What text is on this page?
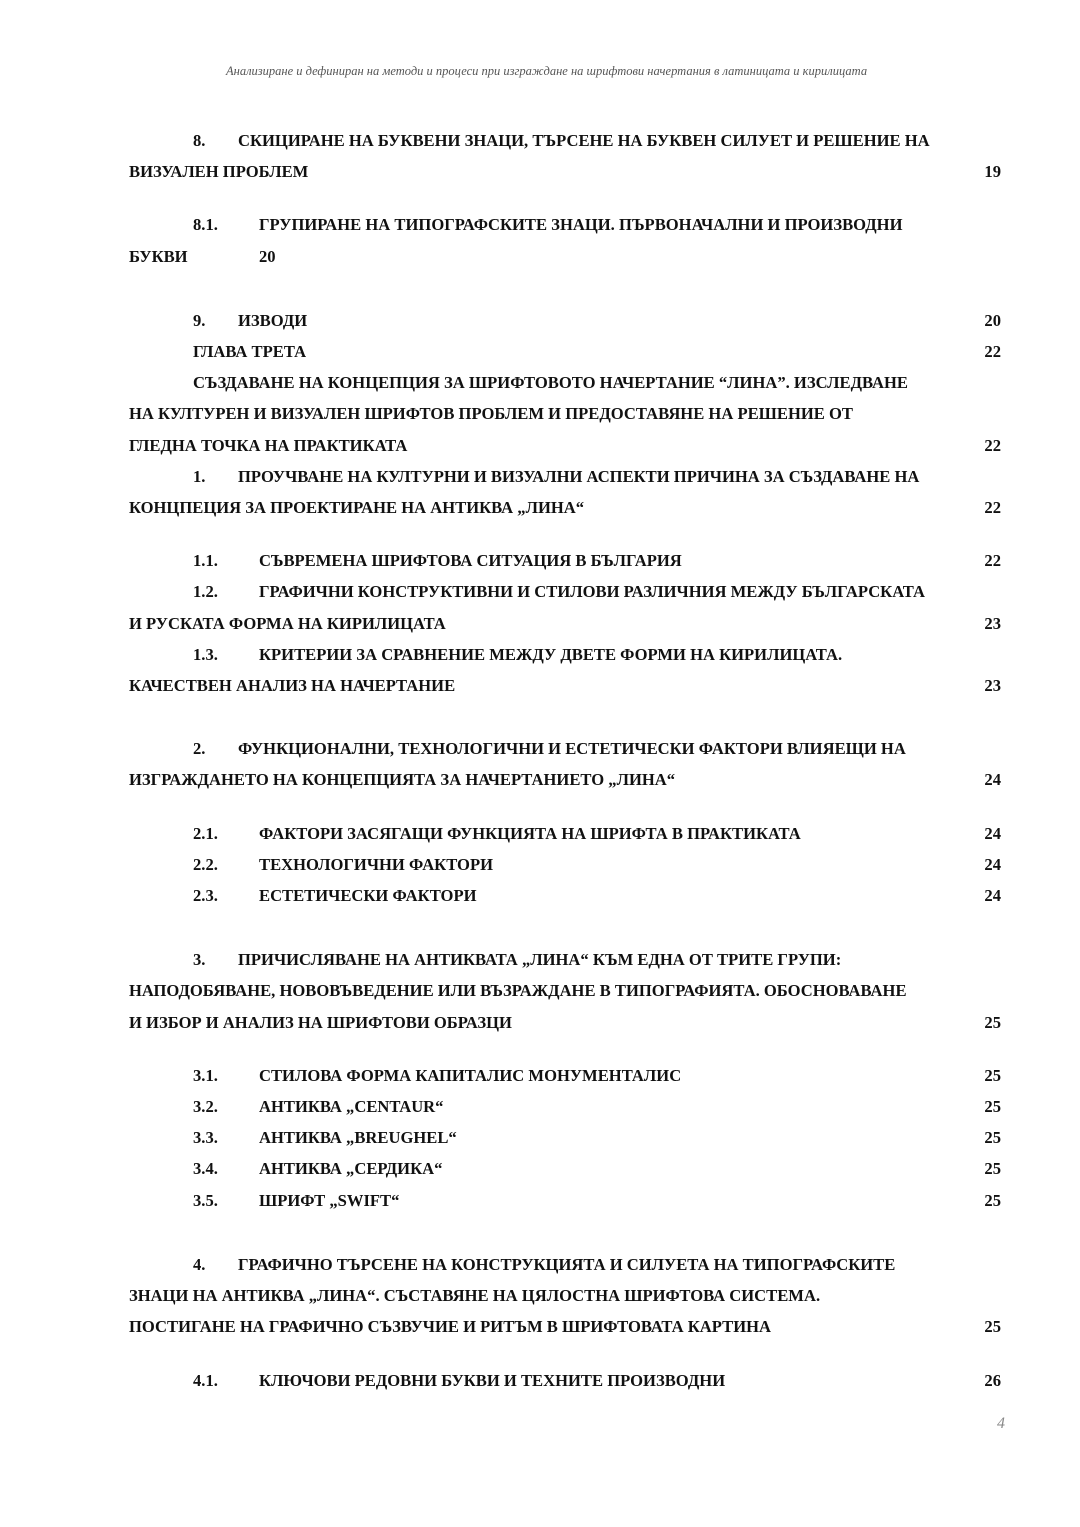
Анализиране и дефиниран на методи и процеси при изграждане на шрифтови начертания в латиницата и кирилицата
8. СКИЦИРАНЕ НА БУКВЕНИ ЗНАЦИ, ТЪРСЕНЕ НА БУКВЕН СИЛУЕТ И РЕШЕНИЕ НА
ВИЗУАЛЕН ПРОБЛЕМ	19
8.1. ГРУПИРАНЕ НА ТИПОГРАФСКИТЕ ЗНАЦИ. ПЪРВОНАЧАЛНИ И ПРОИЗВОДНИ
БУКВИ	20
9. ИЗВОДИ	20
ГЛАВА ТРЕТА	22
СЪЗДАВАНЕ НА КОНЦЕПЦИЯ ЗА ШРИФТОВОТО НАЧЕРТАНИЕ “ЛИНА”. ИЗСЛЕДВАНЕ
НА КУЛТУРЕН И ВИЗУАЛЕН ШРИФТОВ ПРОБЛЕМ И ПРЕДОСТАВЯНЕ НА РЕШЕНИЕ ОТ
ГЛЕДНА ТОЧКА НА ПРАКТИКАТА	22
1. ПРОУЧВАНЕ НА КУЛТУРНИ И ВИЗУАЛНИ АСПЕКТИ ПРИЧИНА ЗА СЪЗДАВАНЕ НА
КОНЦПЕЦИЯ ЗА ПРОЕКТИРАНЕ НА АНТИКВА „ЛИНА“	22
1.1. СЪВРЕМЕНА ШРИФТОВА СИТУАЦИЯ В БЪЛГАРИЯ	22
1.2. ГРАФИЧНИ КОНСТРУКТИВНИ И СТИЛОВИ РАЗЛИЧНИЯ МЕЖДУ БЪЛГАРСКАТА
И РУСКАТА ФОРМА НА КИРИЛИЦАТА	23
1.3. КРИТЕРИИ ЗА СРАВНЕНИЕ МЕЖДУ ДВЕТЕ ФОРМИ НА КИРИЛИЦАТА.
КАЧЕСТВЕН АНАЛИЗ НА НАЧЕРТАНИЕ	23
2. ФУНКЦИОНАЛНИ, ТЕХНОЛОГИЧНИ И ЕСТЕТИЧЕСКИ ФАКТОРИ ВЛИЯЕЩИ НА
ИЗГРАЖДАНЕТО НА КОНЦЕПЦИЯТА ЗА НАЧЕРТАНИЕТО „ЛИНА“	24
2.1. ФАКТОРИ ЗАСЯГАЩИ ФУНКЦИЯТА НА ШРИФТА В ПРАКТИКАТА	24
2.2. ТЕХНОЛОГИЧНИ ФАКТОРИ	24
2.3. ЕСТЕТИЧЕСКИ ФАКТОРИ	24
3. ПРИЧИСЛЯВАНЕ НА АНТИКВАТА „ЛИНА“ КЪМ ЕДНА ОТ ТРИТЕ ГРУПИ:
НАПОДОБЯВАНЕ, НОВОВЪВЕДЕНИЕ ИЛИ ВЪЗРАЖДАНЕ В ТИПОГРАФИЯТА. ОБОСНОВАВАНЕ
И ИЗБОР И АНАЛИЗ НА ШРИФТОВИ ОБРАЗЦИ	25
3.1. СТИЛОВА ФОРМА КАПИТАЛИС МОНУМЕНТАЛИС	25
3.2. АНТИКВА „CENTAUR“	25
3.3. АНТИКВА „BREUGHEL“	25
3.4. АНТИКВА „СЕРДИКА“	25
3.5. ШРИФТ „SWIFT“	25
4. ГРАФИЧНО ТЪРСЕНЕ НА КОНСТРУКЦИЯТА И СИЛУЕТА НА ТИПОГРАФСКИТЕ
ЗНАЦИ НА АНТИКВА „ЛИНА“. СЪСТАВЯНЕ НА ЦЯЛОСТНА ШРИФТОВА СИСТЕМА.
ПОСТИГАНЕ НА ГРАФИЧНО СЪЗВУЧИЕ И РИТЪМ В ШРИФТОВАТА КАРТИНА	25
4.1. КЛЮЧОВИ РЕДОВНИ БУКВИ И ТЕХНИТЕ ПРОИЗВОДНИ	26
4
